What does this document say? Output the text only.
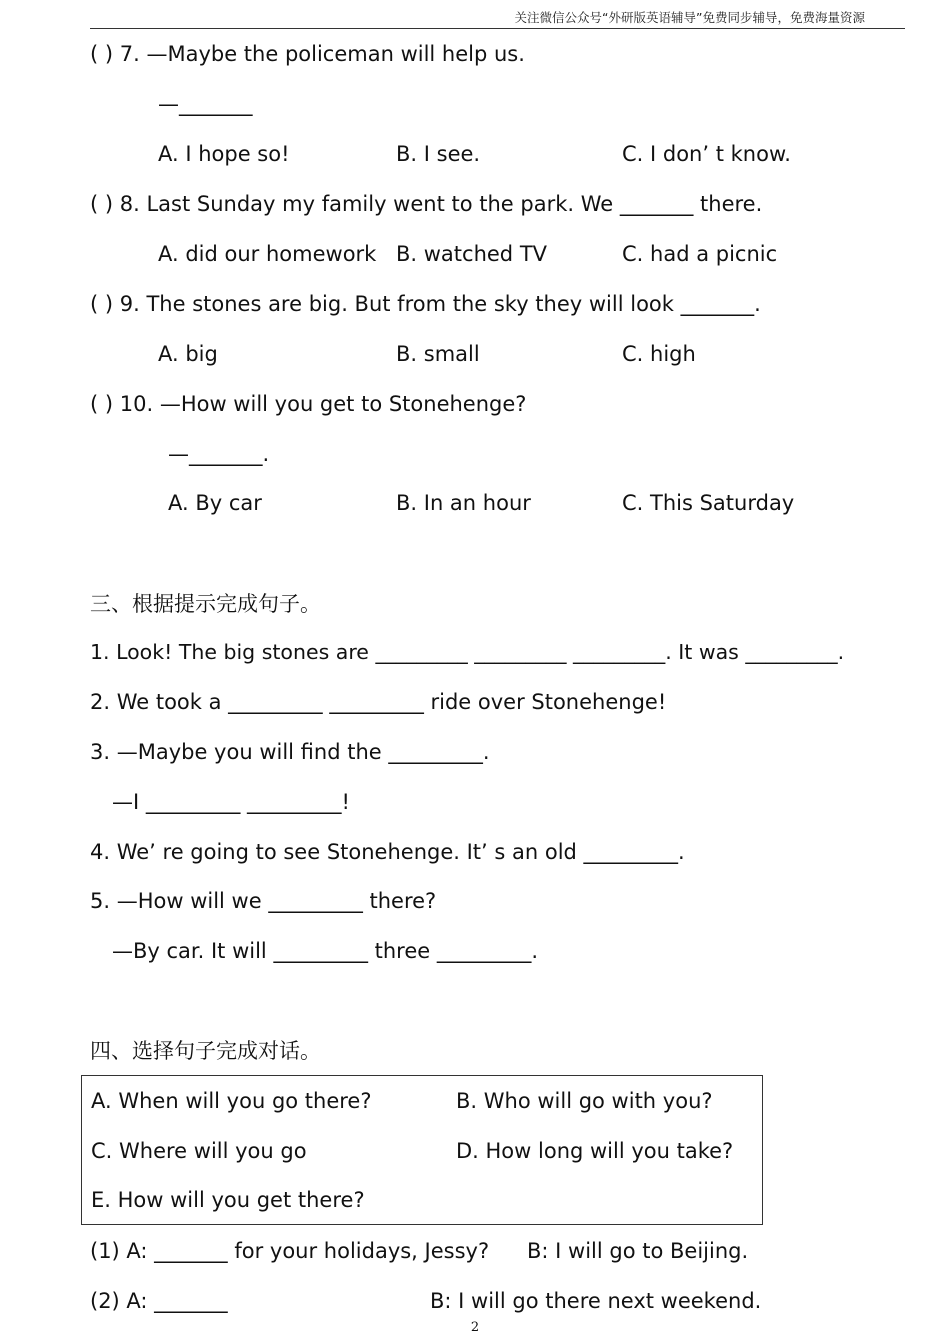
关注微信公众号“外研版英语辅导”免费同步辅导，免费海量资源
( ) 7. —Maybe the policeman will help us.
—_______
A. I hope so!	B. I see.	C. I don’ t know.
( ) 8. Last Sunday my family went to the park. We _______ there.
A. did our homework B. watched TV	C. had a picnic
( ) 9. The stones are big. But from the sky they will look _______.
A. big	B. small	C. high
( ) 10. —How will you get to Stonehenge?
—_______.
A. By car	B. In an hour	C. This Saturday
三、根据提示完成句子。
1. Look! The big stones are _________ _________ _________. It was _________.
2. We took a _________ _________ ride over Stonehenge!
3. —Maybe you will find the _________.
—I _________ _________!
4. We’ re going to see Stonehenge. It’ s an old _________.
5. —How will we _________ there?
—By car. It will _________ three _________.
四、选择句子完成对话。
A. When will you go there?	B. Who will go with you?
C. Where will you go	D. How long will you take?
E. How will you get there?
(1) A: _______ for your holidays, Jessy? B: I will go to Beijing.
(2) A: _______	B: I will go there next weekend.
2
